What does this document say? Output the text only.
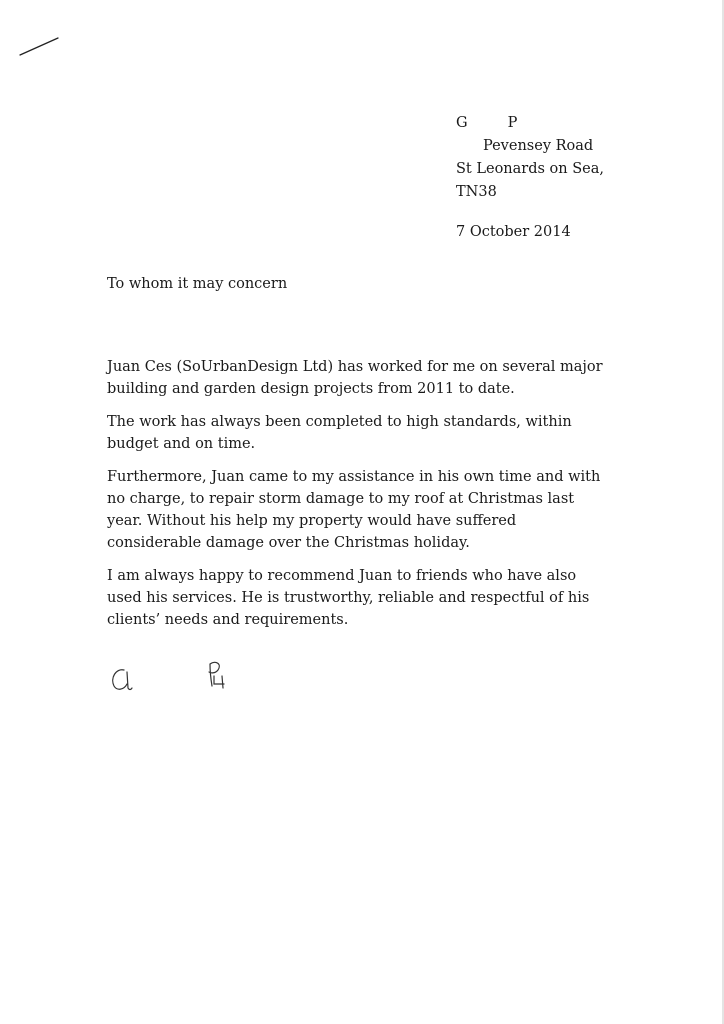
G	P
Pevensey Road
St Leonards on Sea,
TN38
7 October 2014
To whom it may concern

Juan Ces (SoUrbanDesign Ltd) has worked for me on several major building and garden design projects from 2011 to date.

The work has always been completed to high standards, within budget and on time.

Furthermore, Juan came to my assistance in his own time and with no charge, to repair storm damage to my roof at Christmas last year. Without his help my property would have suffered considerable damage over the Christmas holiday.

I am always happy to recommend Juan to friends who have also used his services. He is trustworthy, reliable and respectful of his clients’ needs and requirements.
